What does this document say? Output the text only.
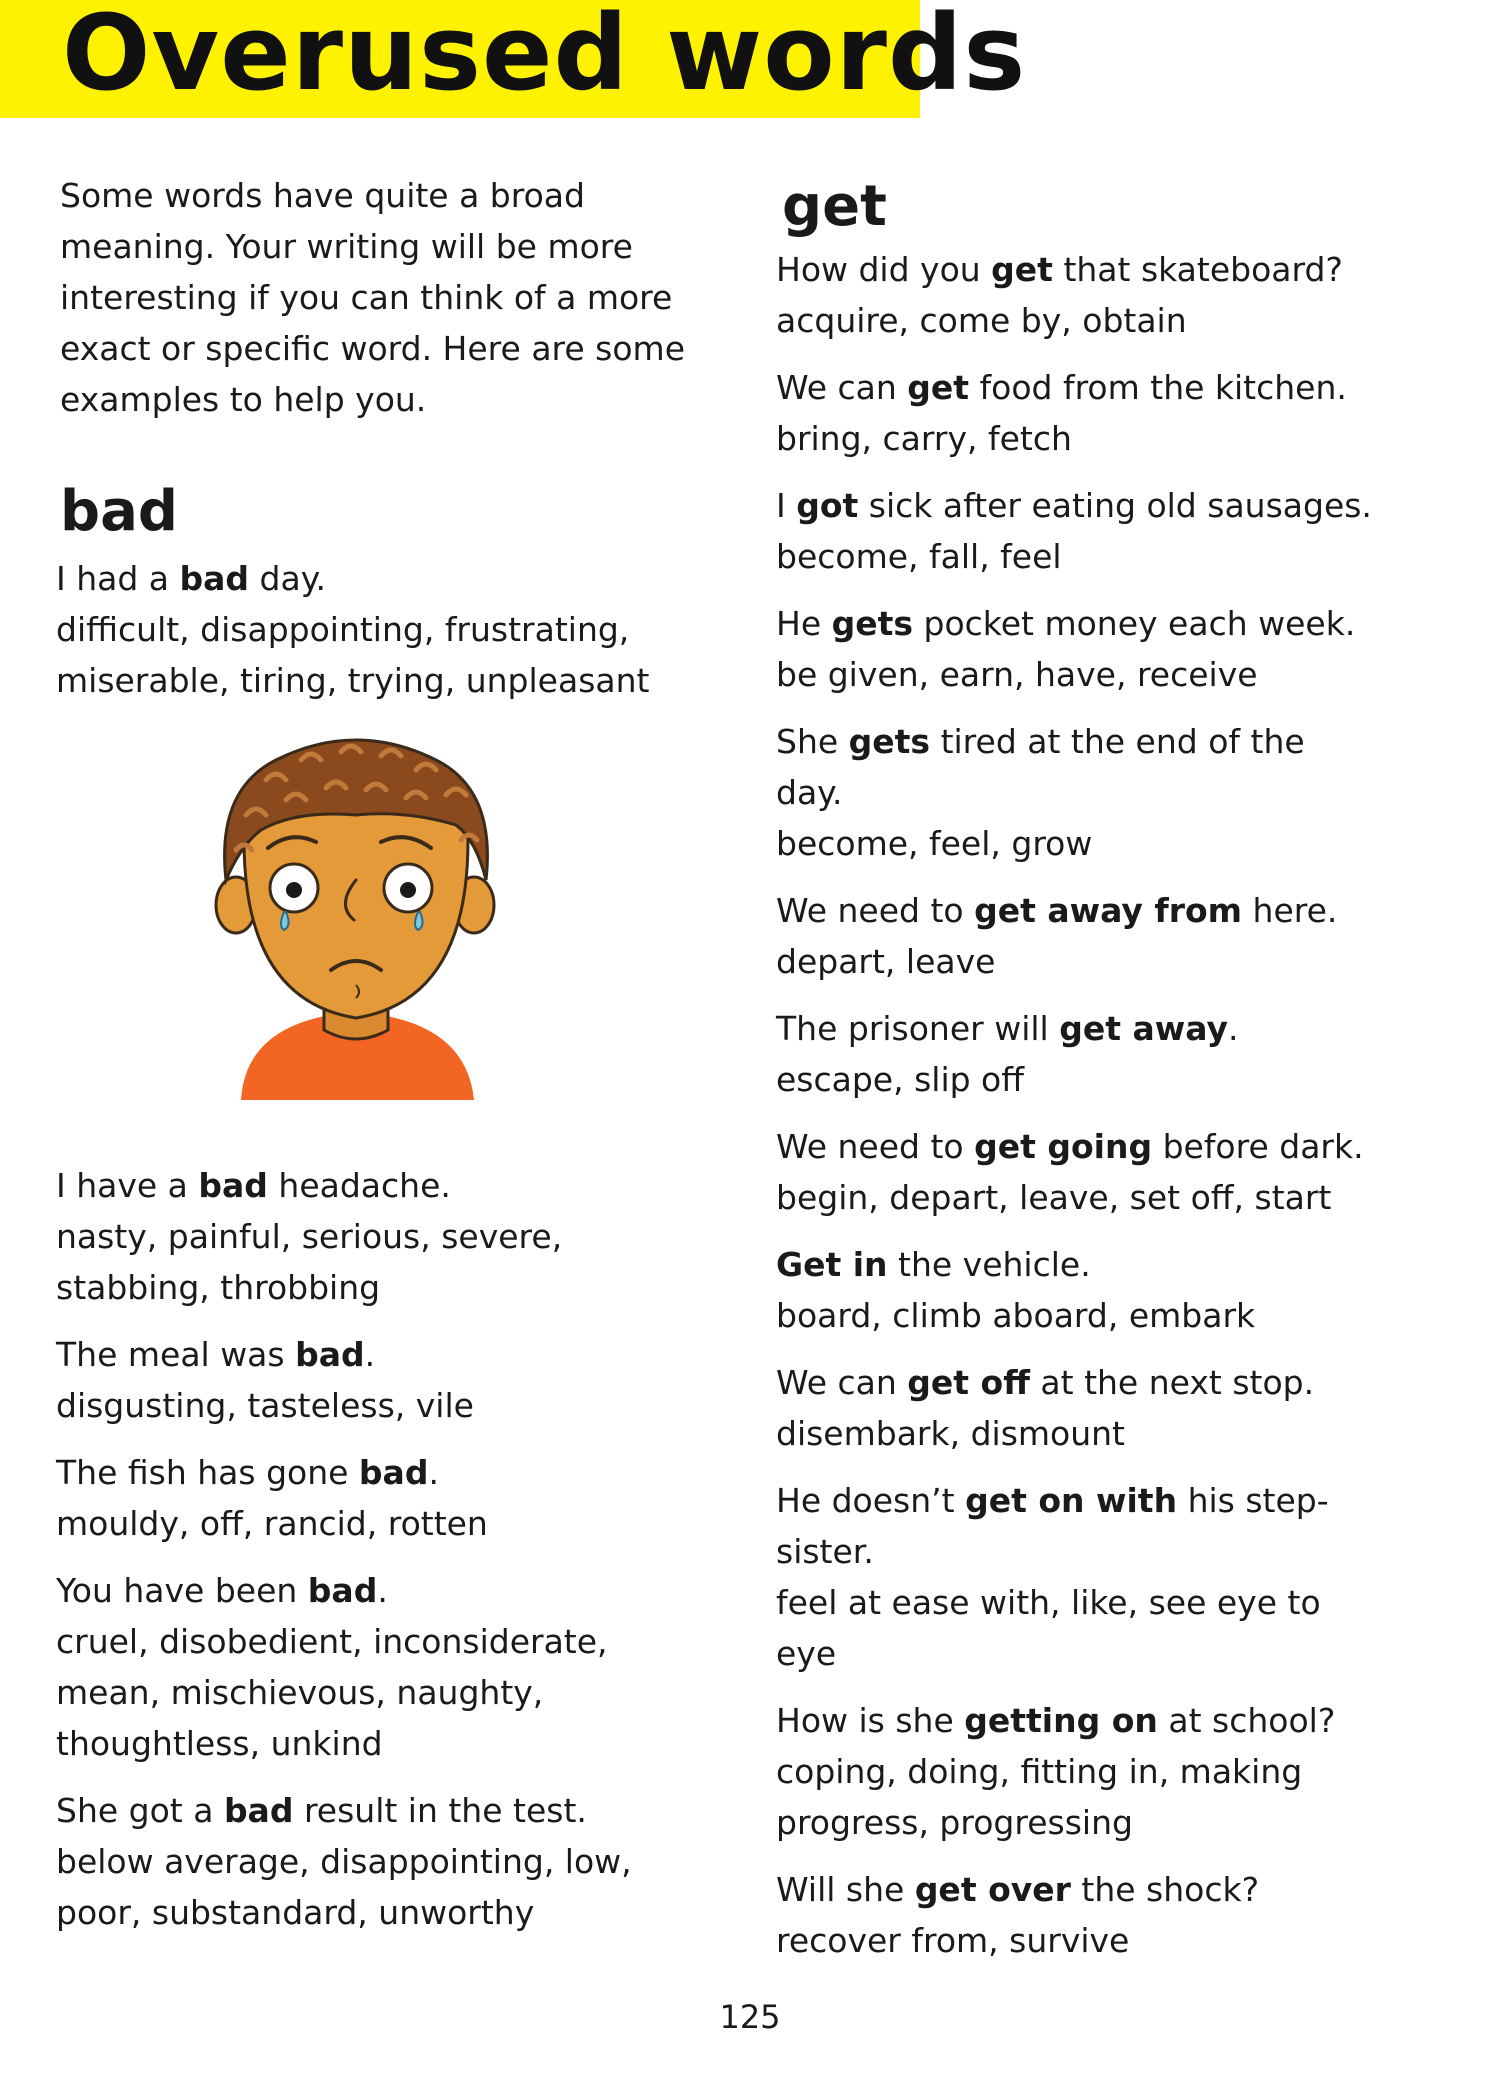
Overused words

Some words have quite a broad meaning. Your writing will be more interesting if you can think of a more exact or specific word. Here are some examples to help you.

bad
I had a bad day.
difficult, disappointing, frustrating, miserable, tiring, trying, unpleasant
I have a bad headache.
nasty, painful, serious, severe, stabbing, throbbing
The meal was bad.
disgusting, tasteless, vile
The fish has gone bad.
mouldy, off, rancid, rotten
You have been bad.
cruel, disobedient, inconsiderate, mean, mischievous, naughty, thoughtless, unkind
She got a bad result in the test.
below average, disappointing, low, poor, substandard, unworthy
get
How did you get that skateboard?
acquire, come by, obtain
We can get food from the kitchen.
bring, carry, fetch
I got sick after eating old sausages.
become, fall, feel
He gets pocket money each week.
be given, earn, have, receive
She gets tired at the end of the day.
become, feel, grow
We need to get away from here.
depart, leave
The prisoner will get away.
escape, slip off
We need to get going before dark.
begin, depart, leave, set off, start
Get in the vehicle.
board, climb aboard, embark
We can get off at the next stop.
disembark, dismount
He doesn’t get on with his step-sister.
feel at ease with, like, see eye to eye
How is she getting on at school?
coping, doing, fitting in, making progress, progressing
Will she get over the shock?
recover from, survive
125
